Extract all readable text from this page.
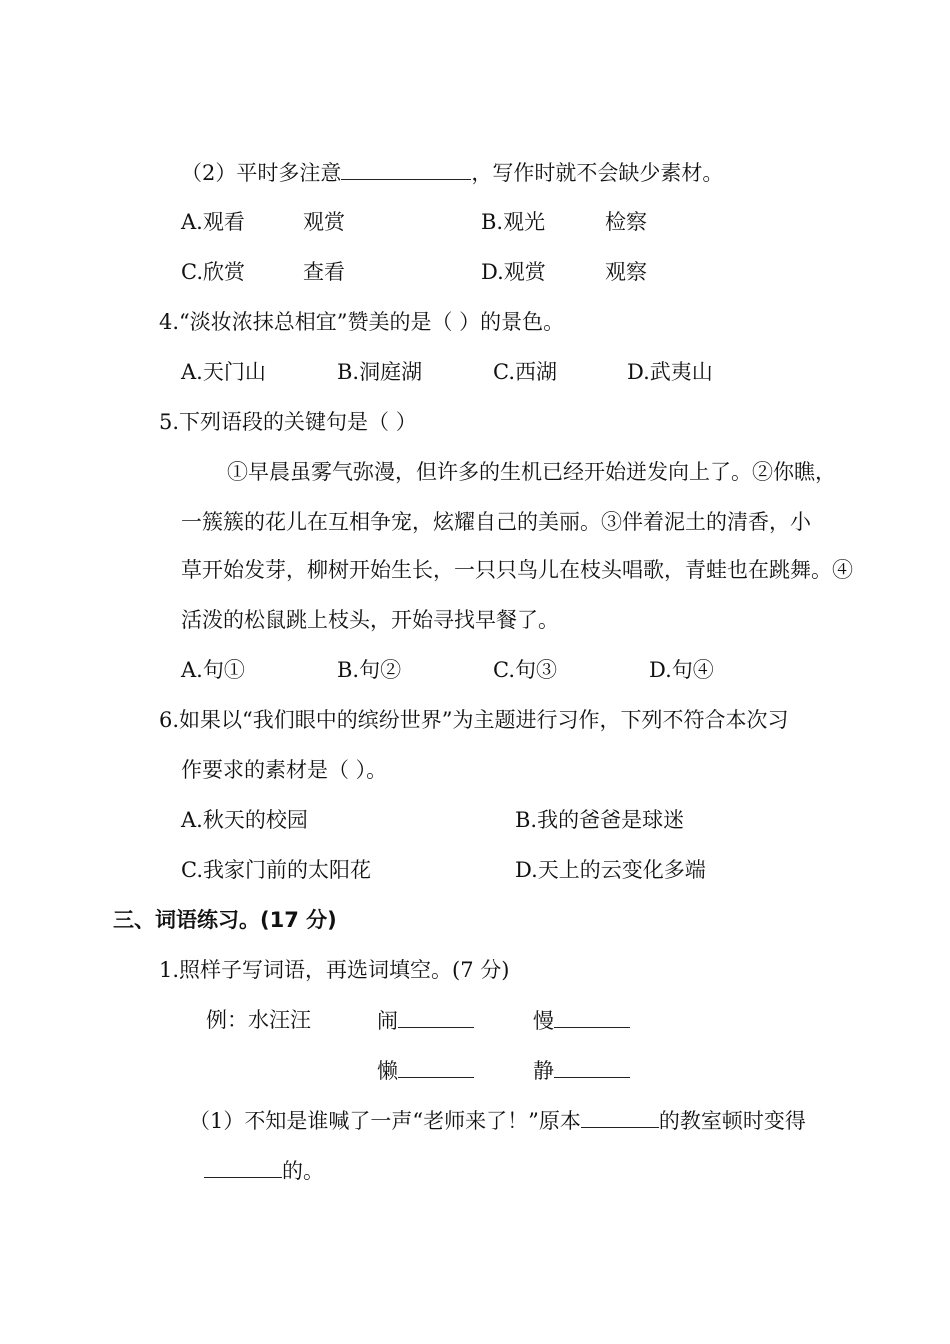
（2）平时多注意	，写作时就不会缺少素材。
A.观看	观赏	B.观光	检察
C.欣赏	查看	D.观赏	观察
4.“淡妆浓抹总相宜”赞美的是（ ）的景色。
A.天门山	B.洞庭湖	C.西湖	D.武夷山
5.下列语段的关键句是（ ）
①早晨虽雾气弥漫，但许多的生机已经开始迸发向上了。②你瞧，
一簇簇的花儿在互相争宠，炫耀自己的美丽。③伴着泥土的清香，小
草开始发芽，柳树开始生长，一只只鸟儿在枝头唱歌，青蛙也在跳舞。④
活泼的松鼠跳上枝头，开始寻找早餐了。
A.句①	B.句②	C.句③	D.句④
6.如果以“我们眼中的缤纷世界”为主题进行习作，下列不符合本次习
作要求的素材是（ ）。
A.秋天的校园	B.我的爸爸是球迷
C.我家门前的太阳花	D.天上的云变化多端
三、词语练习。(17 分)
1.照样子写词语，再选词填空。(7 分)
例：水汪汪	闹	慢
懒	静
（1）不知是谁喊了一声“老师来了！”原本	的教室顿时变得
的。
